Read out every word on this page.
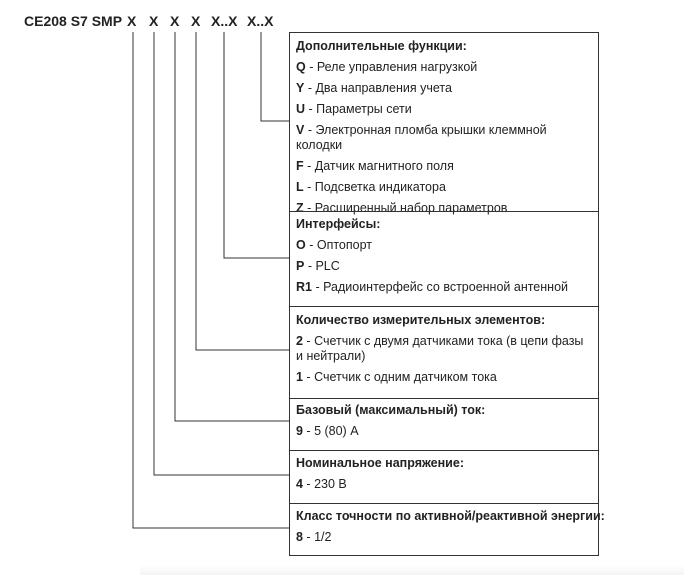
CE208 S7 SMP X X X X X..X X..X
Дополнительные функции:
Q - Реле управления нагрузкой
Y - Два направления учета
U - Параметры сети
V - Электронная пломба крышки клеммной колодки
F - Датчик магнитного поля
L - Подсветка индикатора
Z - Расширенный набор параметров
Интерфейсы:
O - Оптопорт
P - PLC
R1 - Радиоинтерфейс со встроенной антенной
Количество измерительных элементов:
2 - Счетчик с двумя датчиками тока (в цепи фазы и нейтрали)
1 - Счетчик с одним датчиком тока
Базовый (максимальный) ток:
9 - 5 (80) А
Номинальное напряжение:
4 - 230 В
Класс точности по активной/реактивной энергии:
8 - 1/2
